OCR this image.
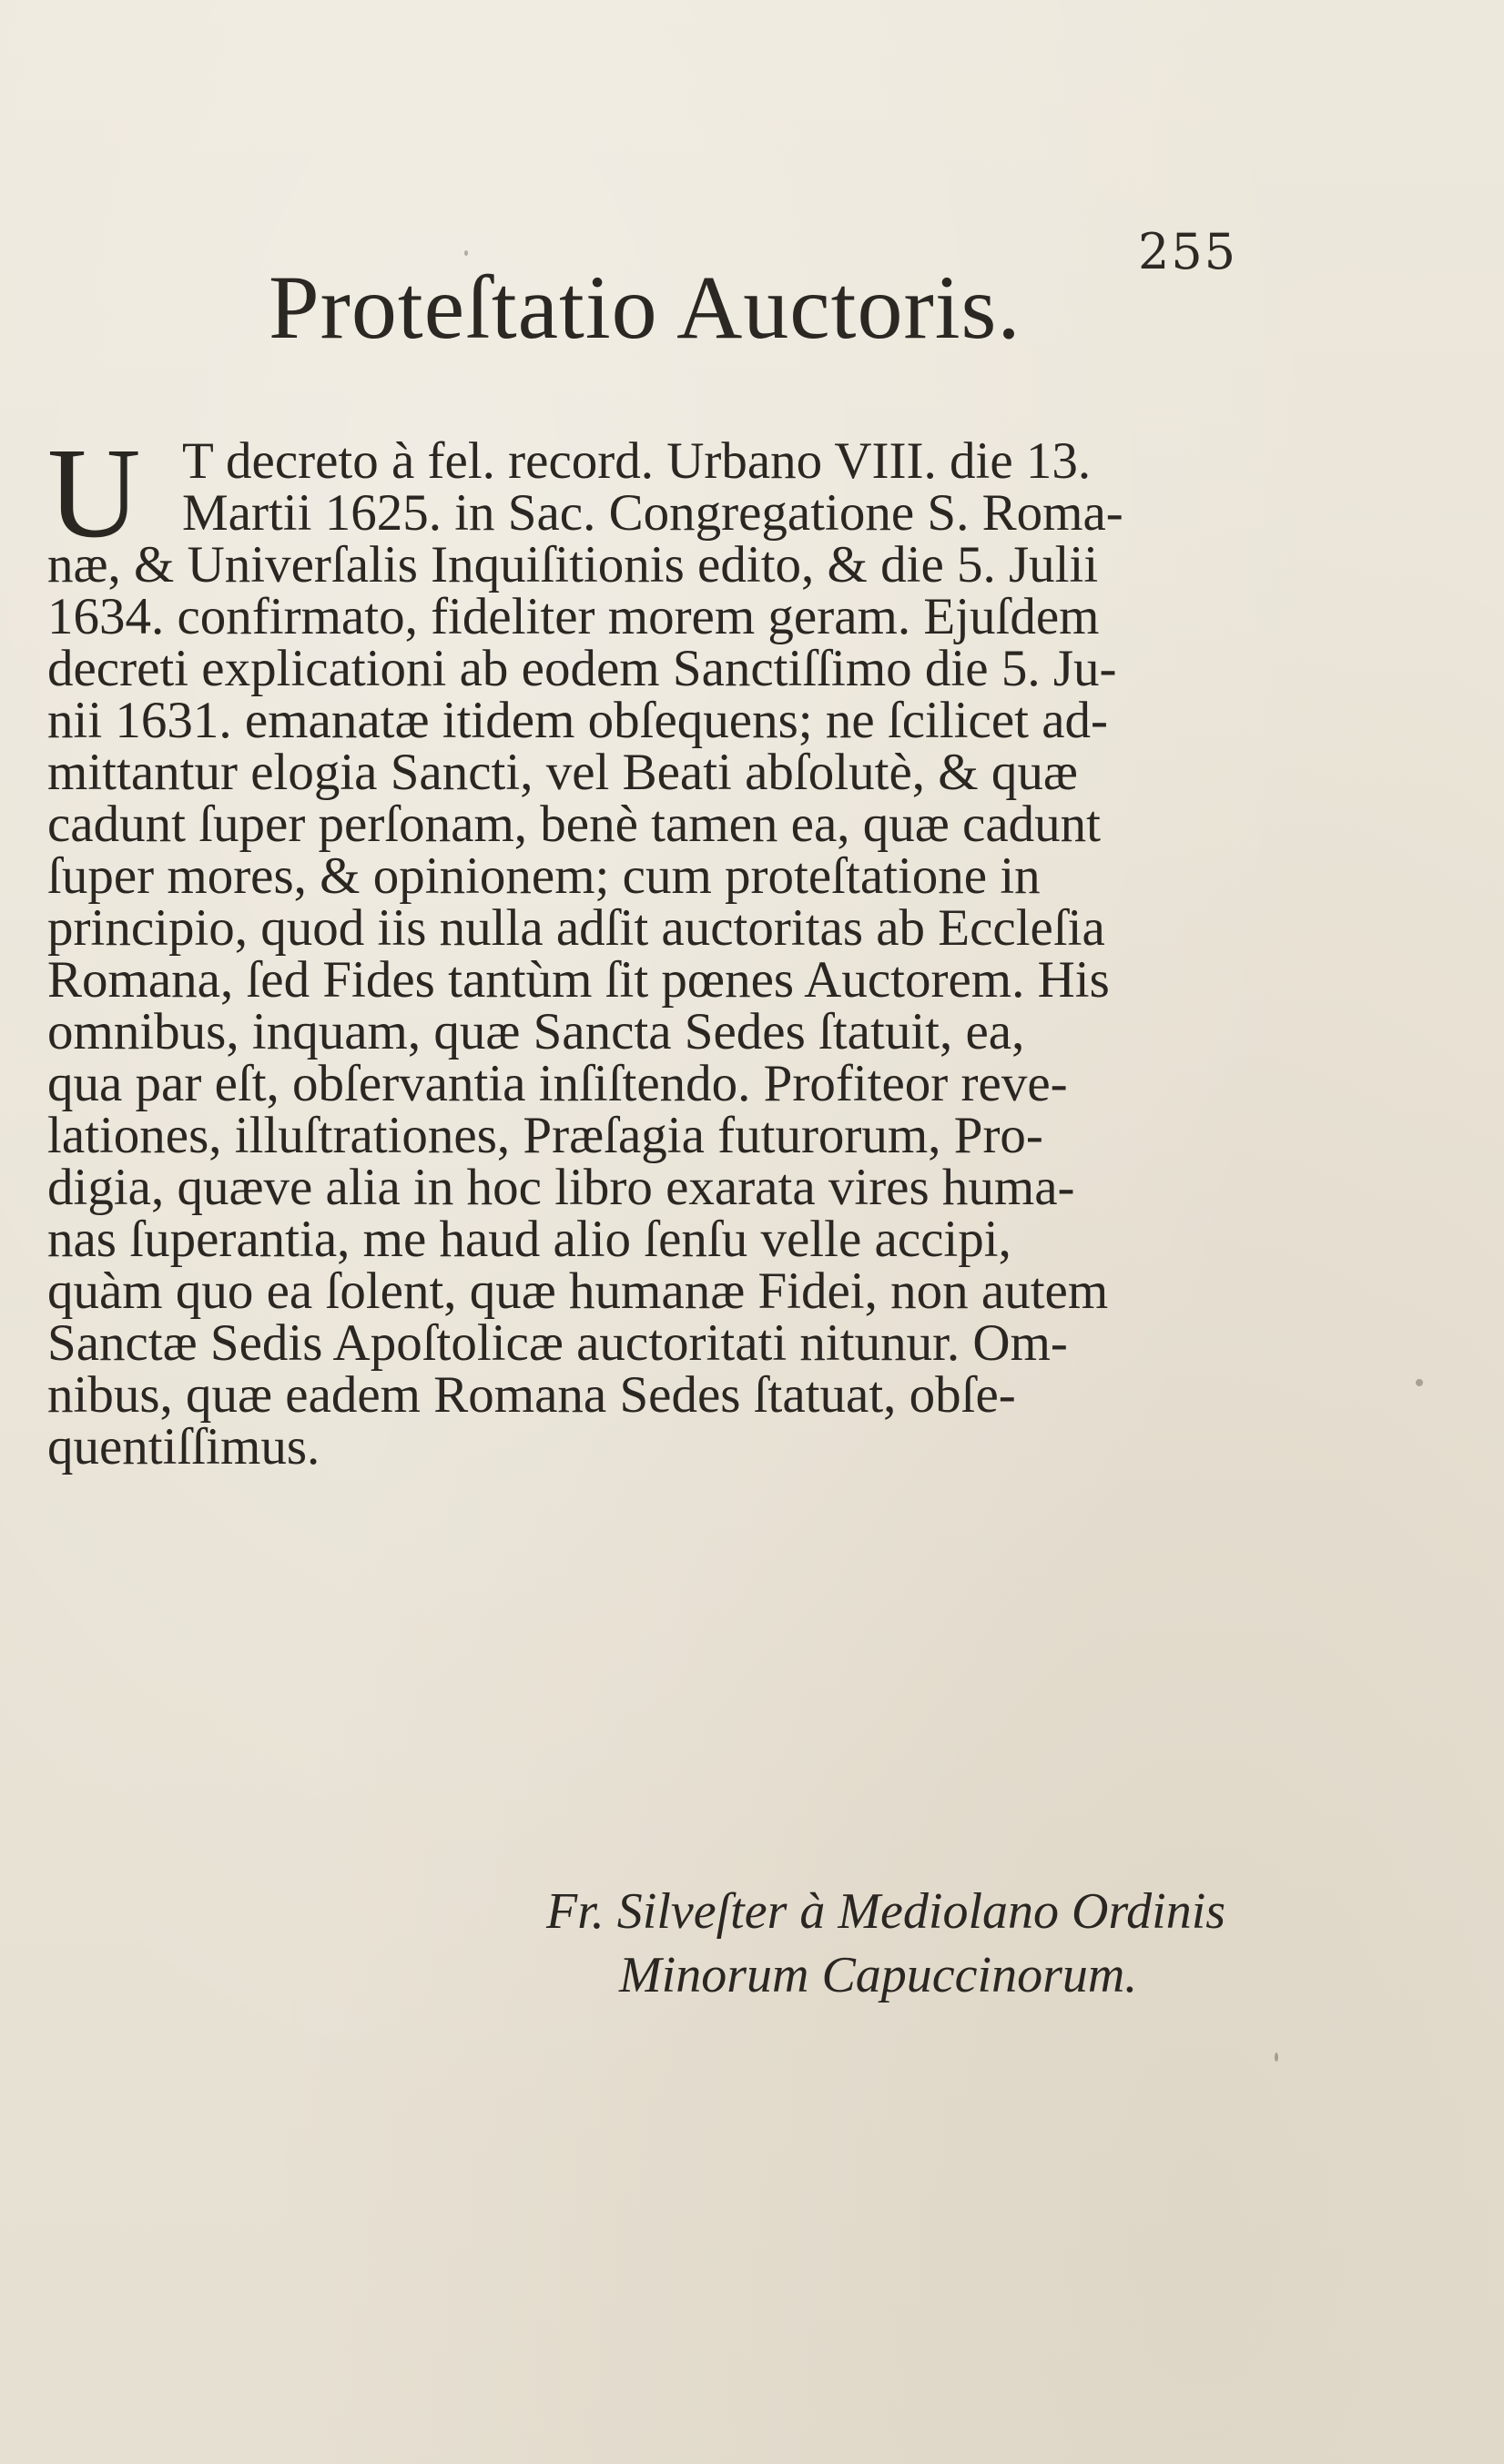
255
Proteſtatio Auctoris.
U T decreto à fel. record. Urbano VIII. die 13.
Martii 1625. in Sac. Congregatione S. Roma-
næ, & Univerſalis Inquiſitionis edito, & die 5. Julii
1634. confirmato, fideliter morem geram. Ejuſdem
decreti explicationi ab eodem Sanctiſſimo die 5. Ju-
nii 1631. emanatæ itidem obſequens; ne ſcilicet ad-
mittantur elogia Sancti, vel Beati abſolutè, & quæ
cadunt ſuper perſonam, benè tamen ea, quæ cadunt
ſuper mores, & opinionem; cum proteſtatione in
principio, quod iis nulla adſit auctoritas ab Eccleſia
Romana, ſed Fides tantùm ſit pœnes Auctorem. His
omnibus, inquam, quæ Sancta Sedes ſtatuit, ea,
qua par eſt, obſervantia inſiſtendo. Profiteor reve-
lationes, illuſtrationes, Præſagia futurorum, Pro-
digia, quæve alia in hoc libro exarata vires huma-
nas ſuperantia, me haud alio ſenſu velle accipi,
quàm quo ea ſolent, quæ humanæ Fidei, non autem
Sanctæ Sedis Apoſtolicæ auctoritati nitunur. Om-
nibus, quæ eadem Romana Sedes ſtatuat, obſe-
quentiſſimus.
Fr. Silveſter à Mediolano Ordinis
Minorum Capuccinorum.
